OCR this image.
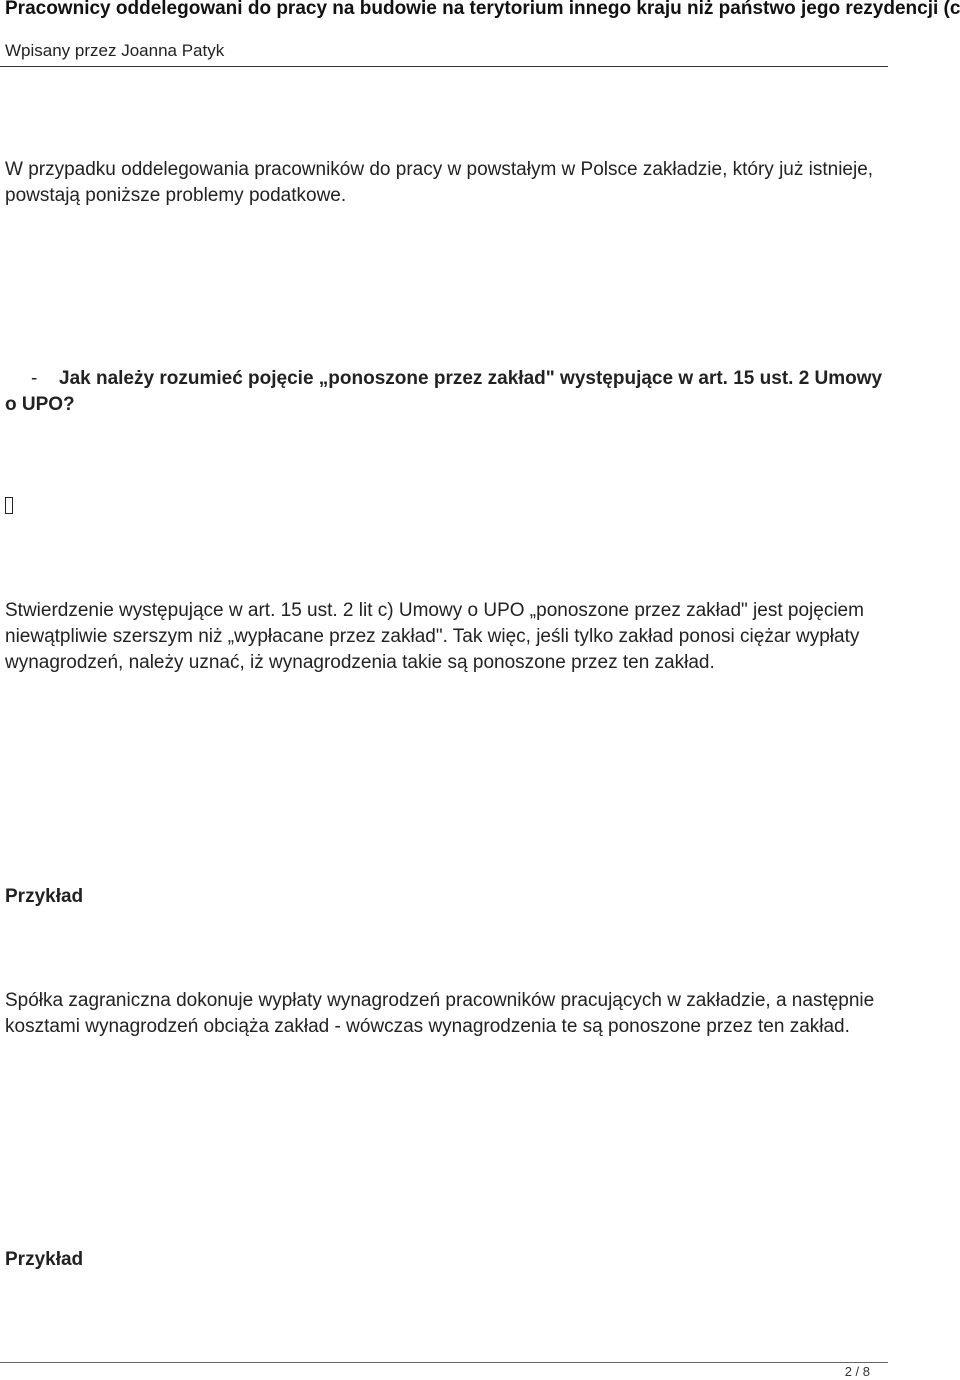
Pracownicy oddelegowani do pracy na budowie na terytorium innego kraju niż państwo jego rezydencji (c
Wpisany przez Joanna Patyk

W przypadku oddelegowania pracowników do pracy w powstałym w Polsce zakładzie, który już istnieje, powstają poniższe problemy podatkowe.

- Jak należy rozumieć pojęcie „ponoszone przez zakład" występujące w art. 15 ust. 2 Umowy o UPO?

Stwierdzenie występujące w art. 15 ust. 2 lit c) Umowy o UPO „ponoszone przez zakład" jest pojęciem niewątpliwie szerszym niż „wypłacane przez zakład". Tak więc, jeśli tylko zakład ponosi ciężar wypłaty wynagrodzeń, należy uznać, iż wynagrodzenia takie są ponoszone przez ten zakład.

Przykład

Spółka zagraniczna dokonuje wypłaty wynagrodzeń pracowników pracujących w zakładzie, a następnie kosztami wynagrodzeń obciąża zakład - wówczas wynagrodzenia te są ponoszone przez ten zakład.

Przykład
2 / 8
